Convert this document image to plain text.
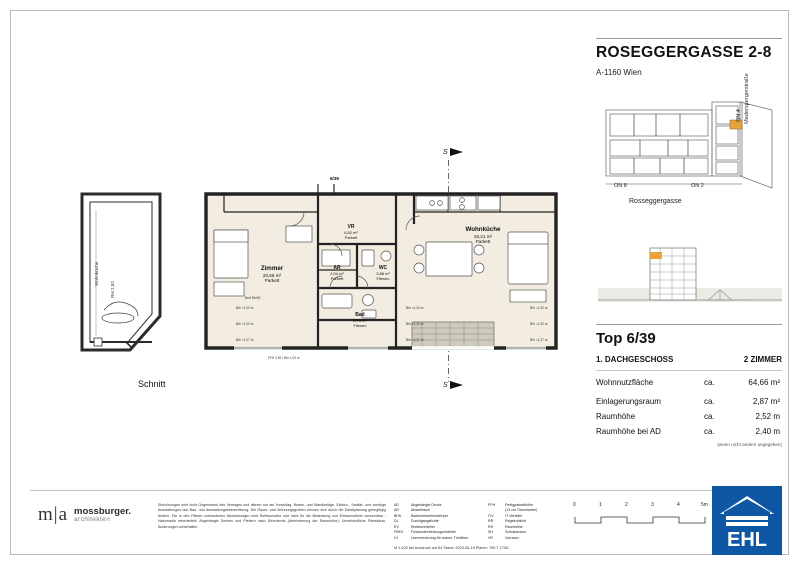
ROSEGGERGASSE 2-8
A-1160 Wien
Rosseggergasse
Maderspergerstraße
ON 8	ON 2
ON 4
Top 6/39
1. DACHGESCHOSS	2 ZIMMER
Wohnnutzfläche	ca.	64,66 m²
Einlagerungsraum	ca.	2,87 m²
Raumhöhe	ca.	2,52 m
Raumhöhe bei AD	ca.	2,40 m
(wenn nicht anders angegeben)
Wohnküche
RH 2,52
Schnitt
S
S
Zimmer
20,56 m²
Parkett
Wohnküche
28,21 m²
Parkett
VR
6,52 m²
Parkett
AR
2,04 m²
Parkett
WC
3,88 m²
Fliesen
Bad
5,75 m²
Fliesen
6/39
Brh =1,20 m
Brh =1,20 m
Brh =1,27 m
Brh =1,20 m
Brh =1,20 m
Brh =1,27 m
Brh =1,20 m
Brh =1,20 m
Brh =1,27 m
Bref 50x90
FFH 2,52 / Brh 1,00 m
m|a mossburger.
architekten
Einrichtungen sind nicht Gegenstand des Vertrages und dienen nur als Vorschlag. Boden- und Wandbeläge, Elektro-, Sanitär- und sonstige Ausstattungen laut Bau- und Ausstattungsbeschreibung. Die Raum- und Wohnungsgrößen können sich durch die Detailplanung geringfügig ändern. Die in den Plänen vorhandenen Abmessungen sind Rohbaumaße und nicht für die Bedeckung von Einbaumöbeln verwendbar - Naturmaße erforderlich! Abgehängte Decken und Pfeilern nach Erfordernis (Abminderung der Raumhöhe). Unverbindliche Planskizze, Änderungen vorbehalten.
AD	Abgehängte Decke
AR	Abstellraum
BHK	Badezimmerheizkörper
DL	Durchgangslichte
EV	Elektroverteiler
FBKV	Fussbodenheizungsverteiler
LV	Leerverrohrung für autom. Türöffner
FPH	Fertigparketthöhe
(±3 cm Türschwelle)
ITV	IT-Verteiler
RR	Regelrohlicht
RH	Raumhöhe
SH	Schrankraum
VR	Vorraum
0	1	2	3	4	5m
M 1:100 bei Ausdruck auf A4 Stand: 2024-06-19 Planer: 769 T 173A	EHL
